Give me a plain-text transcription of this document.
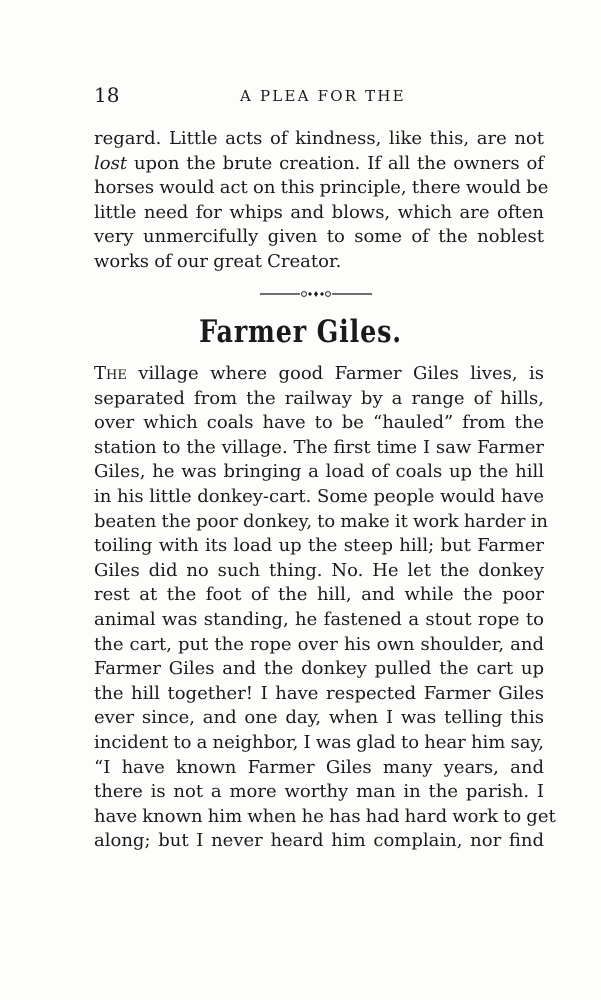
18	A PLEA FOR THE
regard. Little acts of kindness, like this, are not
lost upon the brute creation. If all the owners of
horses would act on this principle, there would be
little need for whips and blows, which are often
very unmercifully given to some of the noblest
works of our great Creator.
Farmer Giles.
The village where good Farmer Giles lives, is
separated from the railway by a range of hills,
over which coals have to be “hauled” from the
station to the village. The first time I saw Farmer
Giles, he was bringing a load of coals up the hill
in his little donkey-cart. Some people would have
beaten the poor donkey, to make it work harder in
toiling with its load up the steep hill; but Farmer
Giles did no such thing. No. He let the donkey
rest at the foot of the hill, and while the poor
animal was standing, he fastened a stout rope to
the cart, put the rope over his own shoulder, and
Farmer Giles and the donkey pulled the cart up
the hill together! I have respected Farmer Giles
ever since, and one day, when I was telling this
incident to a neighbor, I was glad to hear him say,
“I have known Farmer Giles many years, and
there is not a more worthy man in the parish. I
have known him when he has had hard work to get
along; but I never heard him complain, nor find
